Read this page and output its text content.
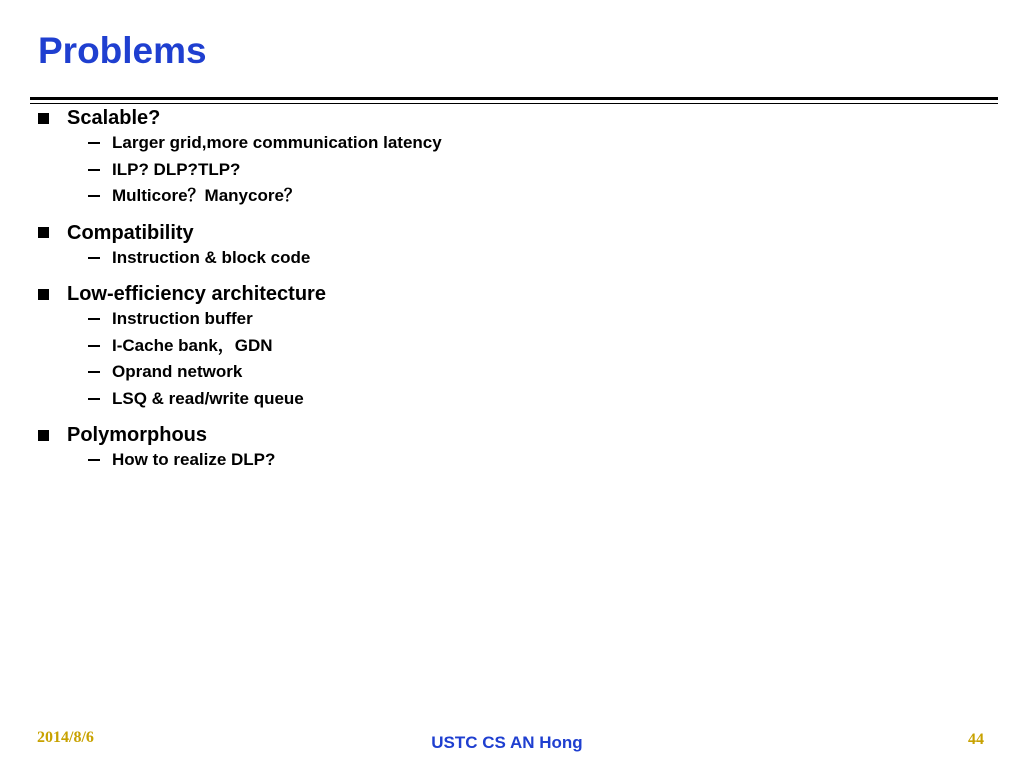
Problems
Scalable?
Larger grid,more communication latency
ILP? DLP?TLP?
Multicore？Manycore？
Compatibility
Instruction & block code
Low-efficiency architecture
Instruction buffer
I-Cache bank，GDN
Oprand network
LSQ & read/write queue
Polymorphous
How to realize DLP?
2014/8/6	USTC CS AN Hong	44
